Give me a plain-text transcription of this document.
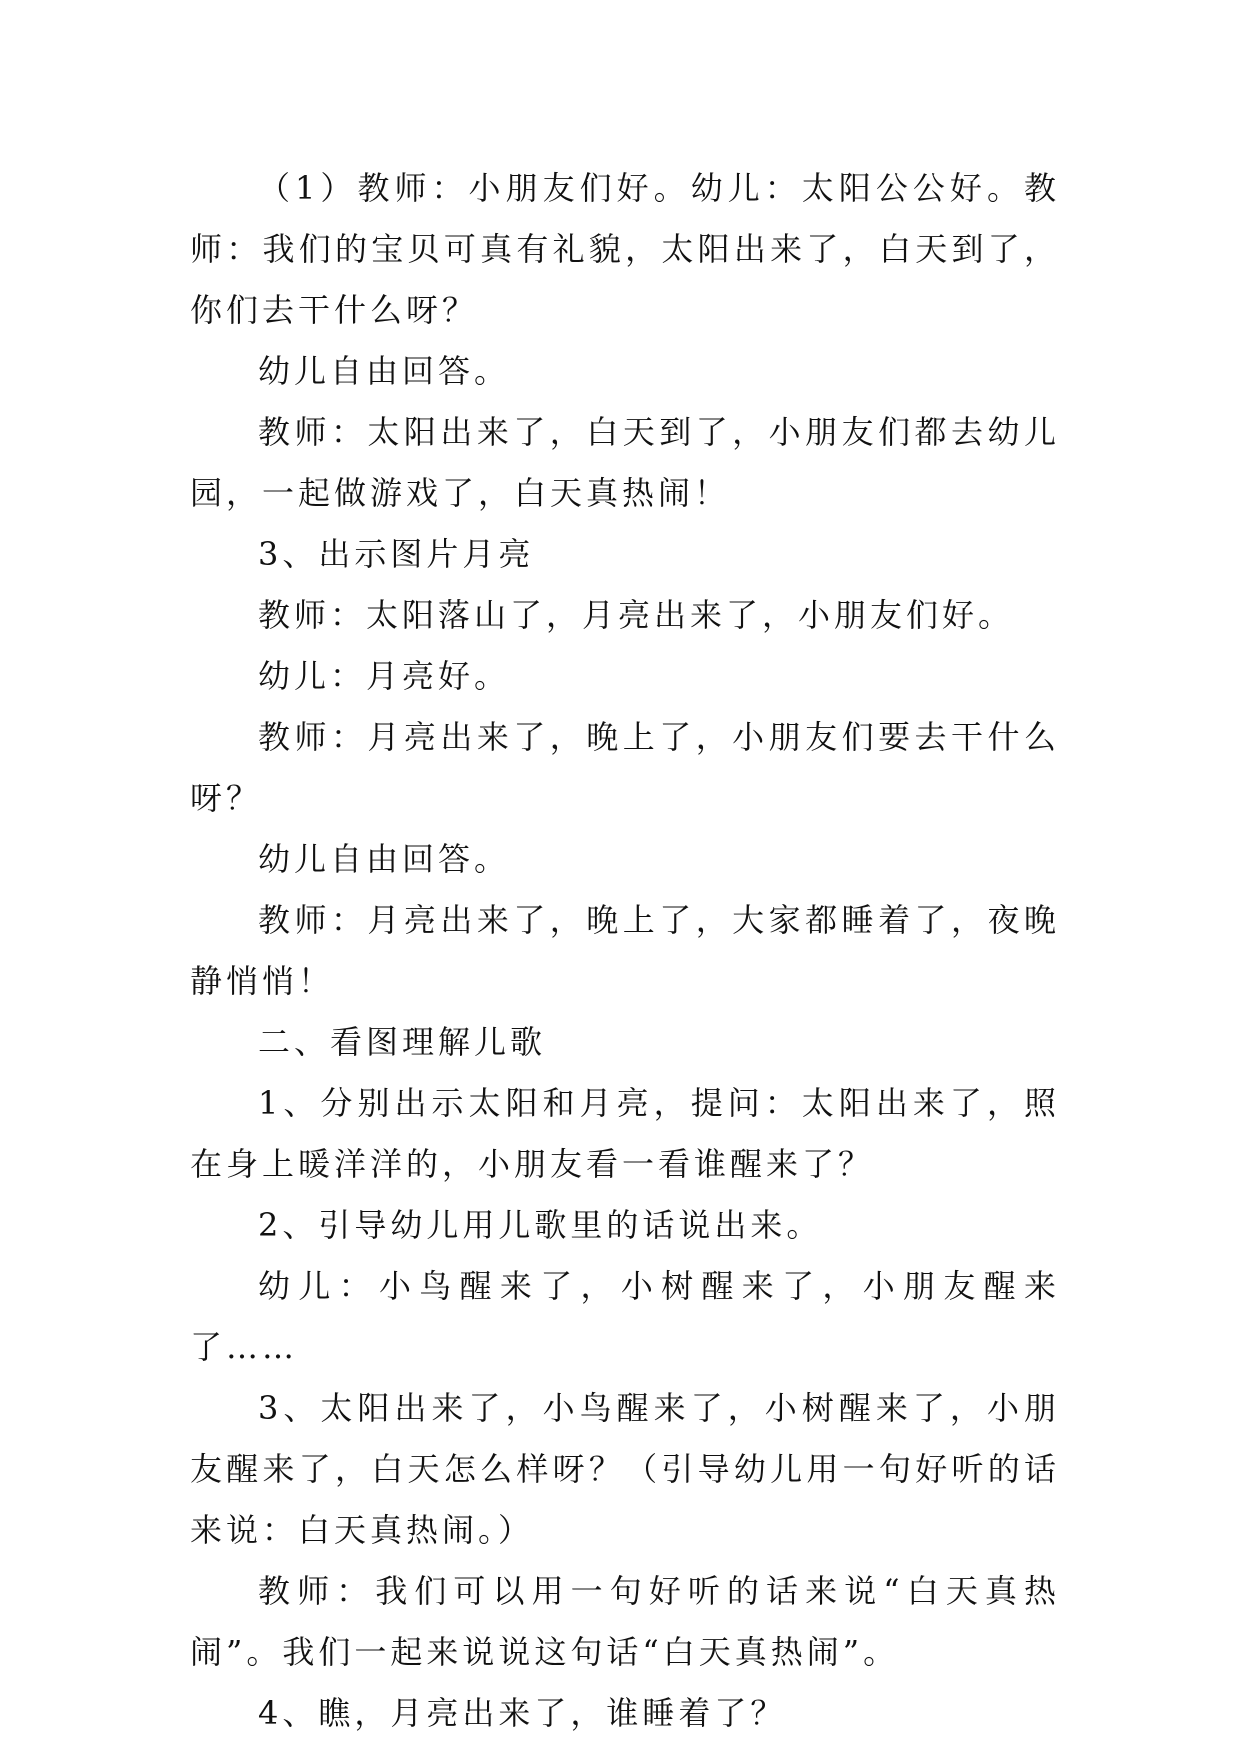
（1）教师：小朋友们好。幼儿：太阳公公好。教师：我们的宝贝可真有礼貌，太阳出来了，白天到了，你们去干什么呀？

幼儿自由回答。

教师：太阳出来了，白天到了，小朋友们都去幼儿园，一起做游戏了，白天真热闹！

3、出示图片月亮

教师：太阳落山了，月亮出来了，小朋友们好。

幼儿：月亮好。

教师：月亮出来了，晚上了，小朋友们要去干什么呀？

幼儿自由回答。

教师：月亮出来了，晚上了，大家都睡着了，夜晚静悄悄！

二、看图理解儿歌

1、分别出示太阳和月亮，提问：太阳出来了，照在身上暖洋洋的，小朋友看一看谁醒来了？

2、引导幼儿用儿歌里的话说出来。

幼儿：小鸟醒来了，小树醒来了，小朋友醒来了……

3、太阳出来了，小鸟醒来了，小树醒来了，小朋友醒来了，白天怎么样呀？（引导幼儿用一句好听的话来说：白天真热闹。）

教师：我们可以用一句好听的话来说“白天真热闹”。我们一起来说说这句话“白天真热闹”。

4、瞧，月亮出来了，谁睡着了？
